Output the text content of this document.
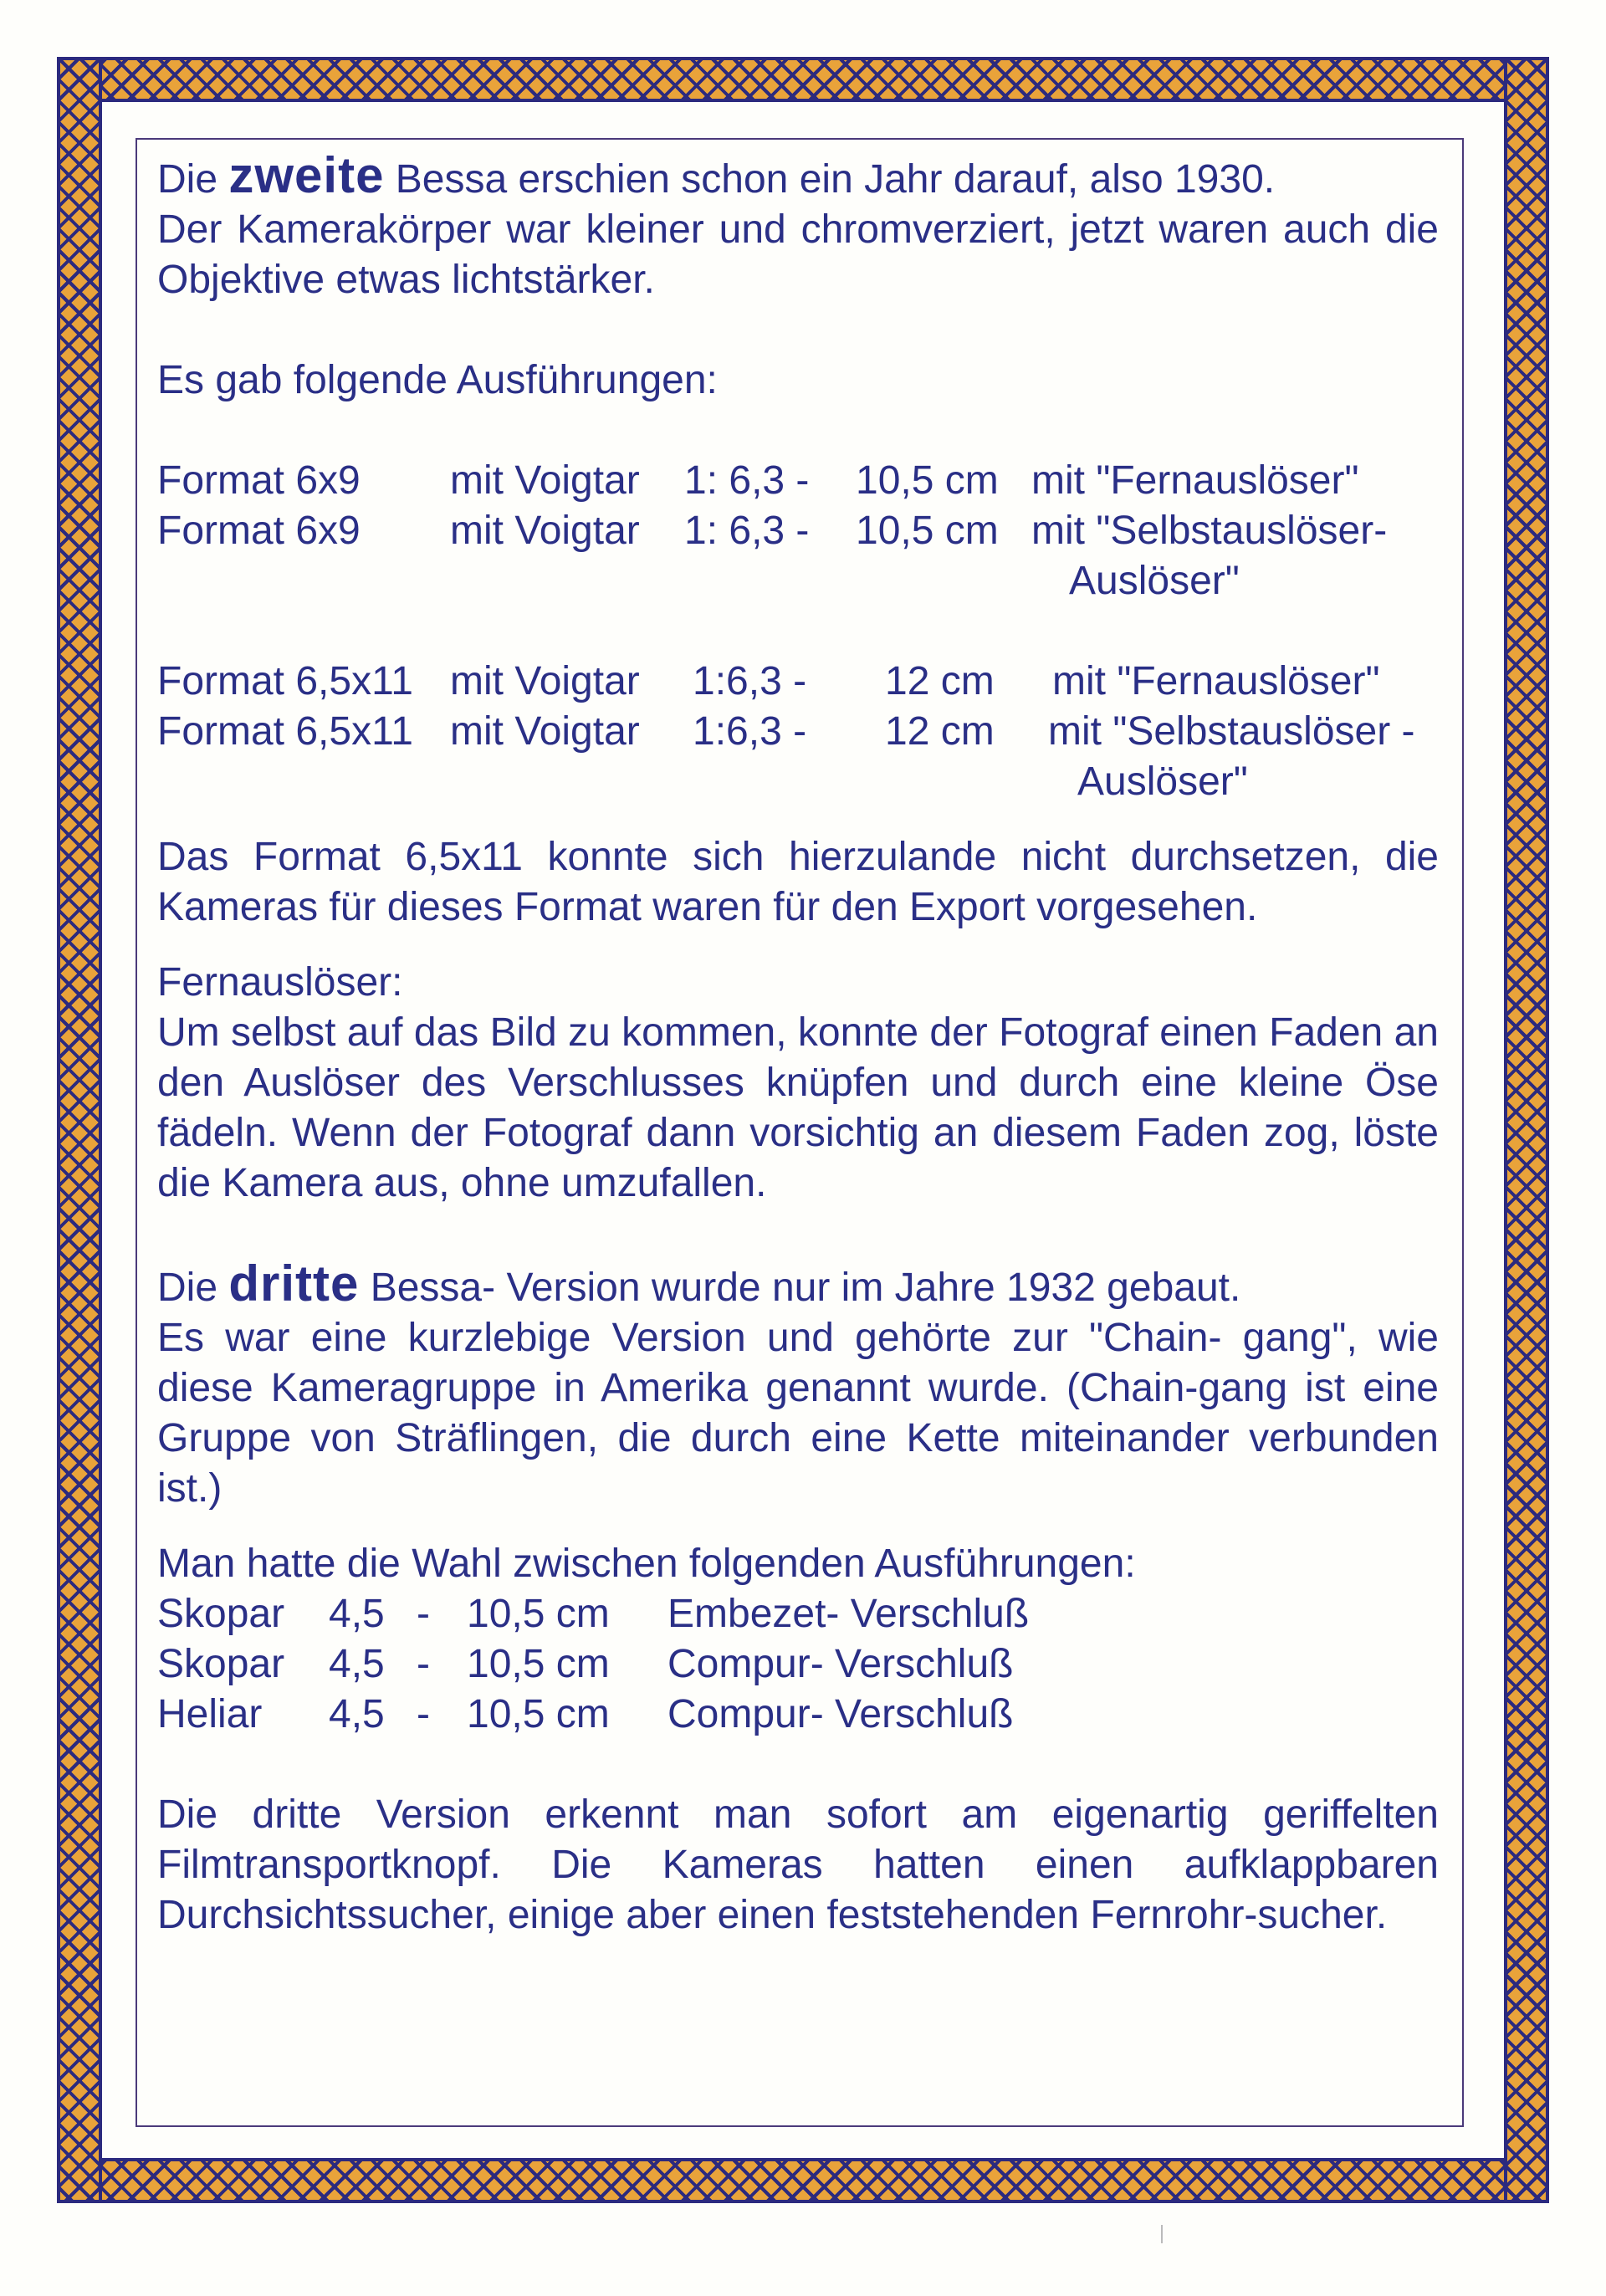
Die zweite Bessa erschien schon ein Jahr darauf, also 1930.

Der Kamerakörper war kleiner und chromverziert, jetzt waren auch die Objektive etwas lichtstärker.

Es gab folgende Ausführungen:

Format 6x9	mit Voigtar	1: 6,3 -	10,5 cm mit "Fernauslöser"
Format 6x9	mit Voigtar	1: 6,3 -	10,5 cm mit "Selbstauslöser-
Auslöser"
Format 6,5x11 mit Voigtar	1:6,3 -	12 cm	mit "Fernauslöser"
Format 6,5x11 mit Voigtar	1:6,3 -	12 cm	mit "Selbstauslöser -
Auslöser"

Das Format 6,5x11 konnte sich hierzulande nicht durchsetzen, die Kameras für dieses Format waren für den Export vorgesehen.

Fernauslöser:

Um selbst auf das Bild zu kommen, konnte der Fotograf einen Faden an den Auslöser des Verschlusses knüpfen und durch eine kleine Öse fädeln. Wenn der Fotograf dann vorsichtig an diesem Faden zog, löste die Kamera aus, ohne umzufallen.

Die dritte Bessa- Version wurde nur im Jahre 1932 gebaut.

Es war eine kurzlebige Version und gehörte zur "Chain- gang", wie diese Kameragruppe in Amerika genannt wurde. (Chain-gang ist eine Gruppe von Sträflingen, die durch eine Kette miteinander verbunden ist.)

Man hatte die Wahl zwischen folgenden Ausführungen:

Skopar	4,5 - 10,5 cm	Embezet- Verschluß
Skopar	4,5 - 10,5 cm	Compur- Verschluß
Heliar	4,5 - 10,5 cm	Compur- Verschluß

Die dritte Version erkennt man sofort am eigenartig geriffelten Filmtransportknopf. Die Kameras hatten einen aufklappbaren Durchsichtssucher, einige aber einen feststehenden Fernrohr-sucher.
